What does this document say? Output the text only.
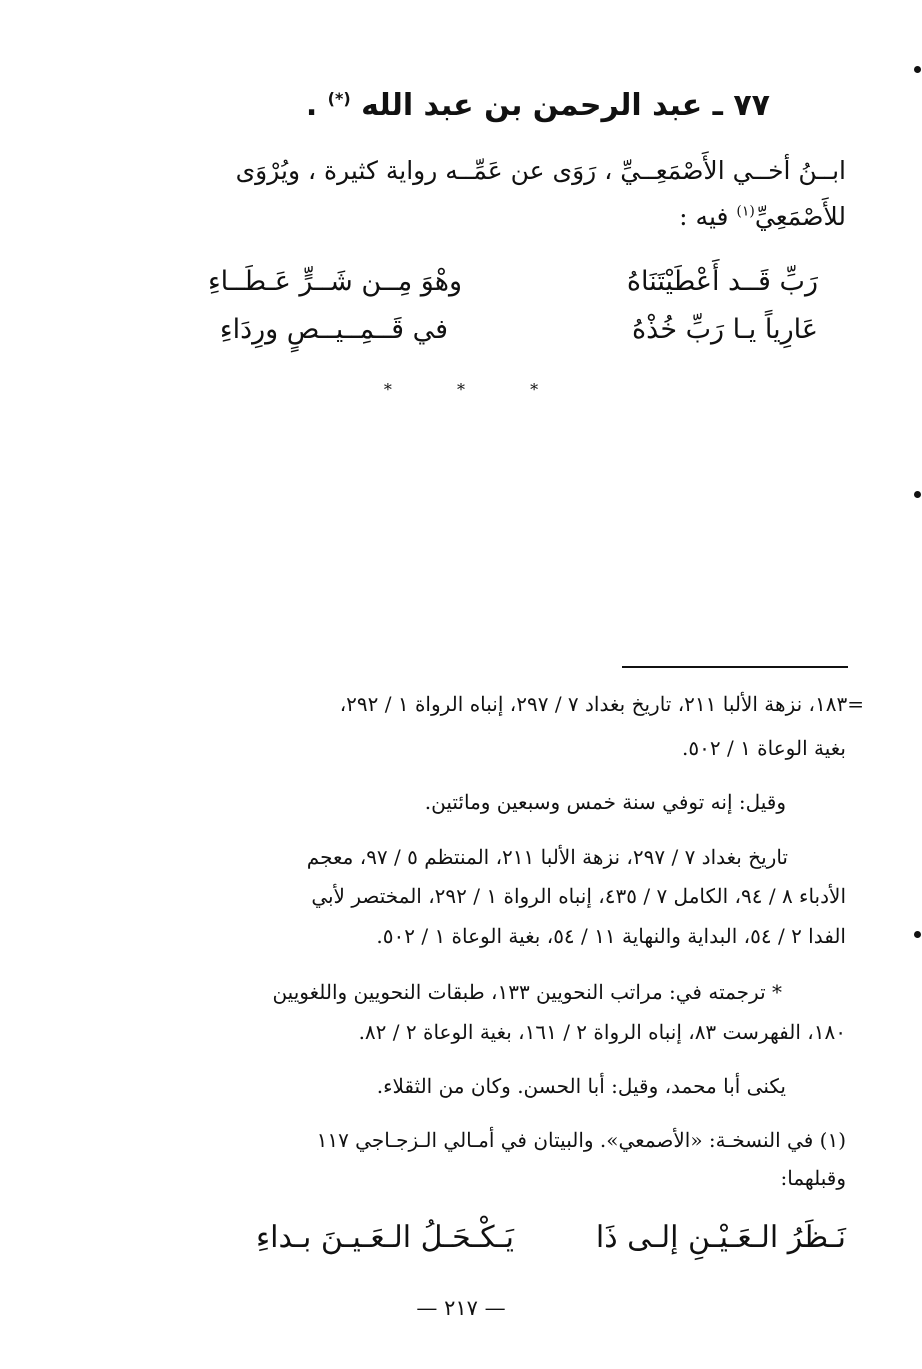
٧٧ ـ عبد الرحمن بن عبد الله (*) .
ابــنُ أخــي الأَصْمَعِــيِّ ، رَوَى عن عَمِّــه رواية كثيرة ، ويُرْوَى
للأَصْمَعِيِّ$^{(١)}$ فيه :
رَبِّ قَــد أَعْطَيْتَنَاهُ
وهْوَ مِــن شَــرٍّ عَـطَــاءِ
عَارِياً يـا رَبِّ خُذْهُ
في قَــمِــيــصٍ ورِدَاءِ
*	*	*
=١٨٣، نزهة الألبا ٢١١، تاريخ بغداد ٧ / ٢٩٧، إنباه الرواة ١ / ٢٩٢،
بغية الوعاة ١ / ٥٠٢.
وقيل: إنه توفي سنة خمس وسبعين ومائتين.
تاريخ بغداد ٧ / ٢٩٧، نزهة الألبا ٢١١، المنتظم ٥ / ٩٧، معجم
الأدباء ٨ / ٩٤، الكامل ٧ / ٤٣٥، إنباه الرواة ١ / ٢٩٢، المختصر لأبي
الفدا ٢ / ٥٤، البداية والنهاية ١١ / ٥٤، بغية الوعاة ١ / ٥٠٢.
* ترجمته في: مراتب النحويين ١٣٣، طبقات النحويين واللغويين
١٨٠، الفهرست ٨٣، إنباه الرواة ٢ / ١٦١، بغية الوعاة ٢ / ٨٢.
يكنى أبا محمد، وقيل: أبا الحسن. وكان من الثقلاء.
(١) في النسخـة: «الأصمعي». والبيتان في أمـالي الـزجـاجي ١١٧
وقبلهما:
نَـظَرُ الـعَـيْـنِ إلـى ذَا
يَـكْـحَـلُ الـعَـيـنَ بـداءِ
— ٢١٧ —
